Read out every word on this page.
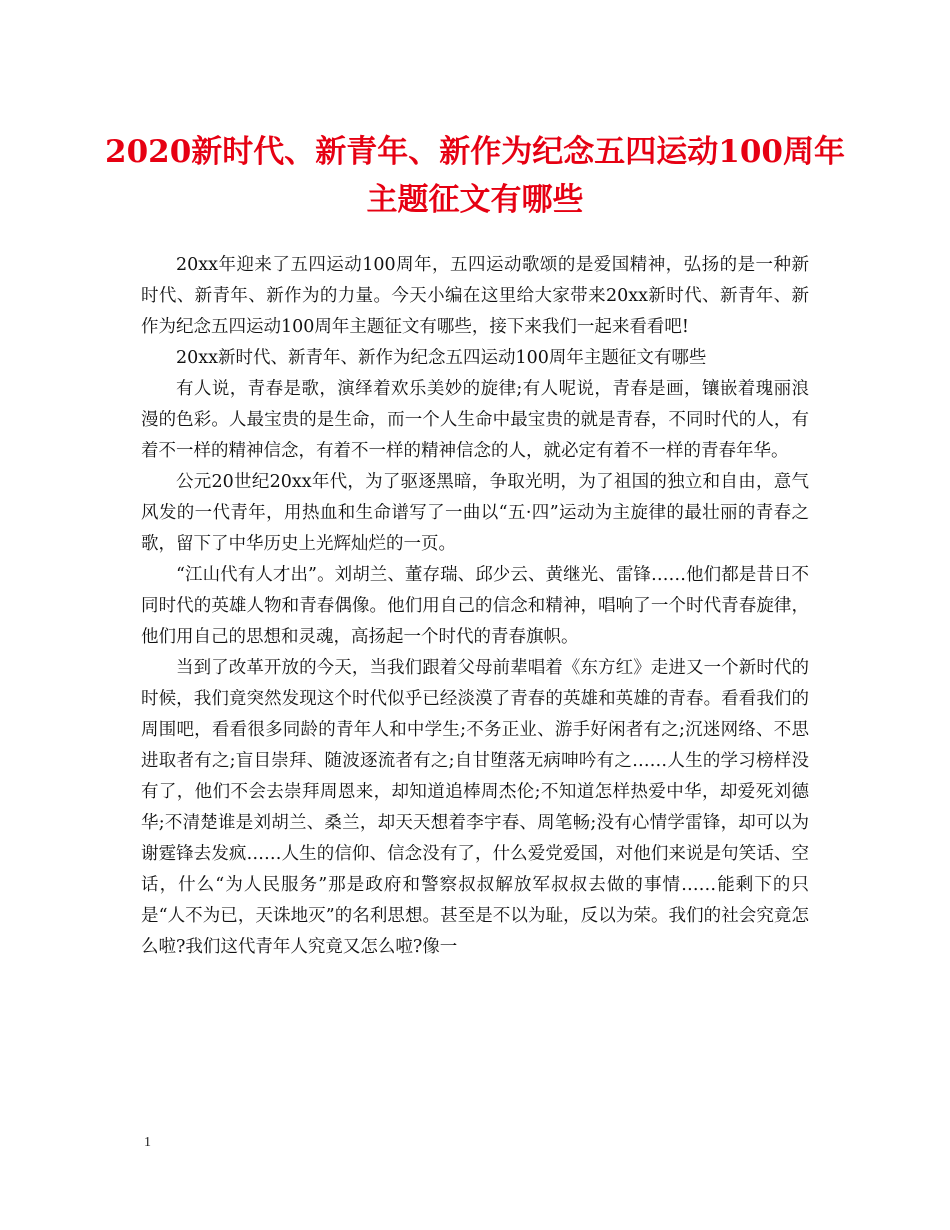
2020新时代、新青年、新作为纪念五四运动100周年
主题征文有哪些

20xx年迎来了五四运动100周年，五四运动歌颂的是爱国精神，弘扬的是一种新时代、新青年、新作为的力量。今天小编在这里给大家带来20xx新时代、新青年、新作为纪念五四运动100周年主题征文有哪些，接下来我们一起来看看吧!

20xx新时代、新青年、新作为纪念五四运动100周年主题征文有哪些

有人说，青春是歌，演绎着欢乐美妙的旋律;有人呢说，青春是画，镶嵌着瑰丽浪漫的色彩。人最宝贵的是生命，而一个人生命中最宝贵的就是青春，不同时代的人，有着不一样的精神信念，有着不一样的精神信念的人，就必定有着不一样的青春年华。

公元20世纪20xx年代，为了驱逐黑暗，争取光明，为了祖国的独立和自由，意气风发的一代青年，用热血和生命谱写了一曲以“五·四”运动为主旋律的最壮丽的青春之歌，留下了中华历史上光辉灿烂的一页。

“江山代有人才出”。刘胡兰、董存瑞、邱少云、黄继光、雷锋……他们都是昔日不同时代的英雄人物和青春偶像。他们用自己的信念和精神，唱响了一个时代青春旋律，他们用自己的思想和灵魂，高扬起一个时代的青春旗帜。

当到了改革开放的今天，当我们跟着父母前辈唱着《东方红》走进又一个新时代的时候，我们竟突然发现这个时代似乎已经淡漠了青春的英雄和英雄的青春。看看我们的周围吧，看看很多同龄的青年人和中学生;不务正业、游手好闲者有之;沉迷网络、不思进取者有之;盲目崇拜、随波逐流者有之;自甘堕落无病呻吟有之……人生的学习榜样没有了，他们不会去崇拜周恩来，却知道追棒周杰伦;不知道怎样热爱中华，却爱死刘德华;不清楚谁是刘胡兰、桑兰，却天天想着李宇春、周笔畅;没有心情学雷锋，却可以为谢霆锋去发疯……人生的信仰、信念没有了，什么爱党爱国，对他们来说是句笑话、空话，什么“为人民服务”那是政府和警察叔叔解放军叔叔去做的事情……能剩下的只是“人不为已，天诛地灭”的名利思想。甚至是不以为耻，反以为荣。我们的社会究竟怎么啦?我们这代青年人究竟又怎么啦?像一

1
